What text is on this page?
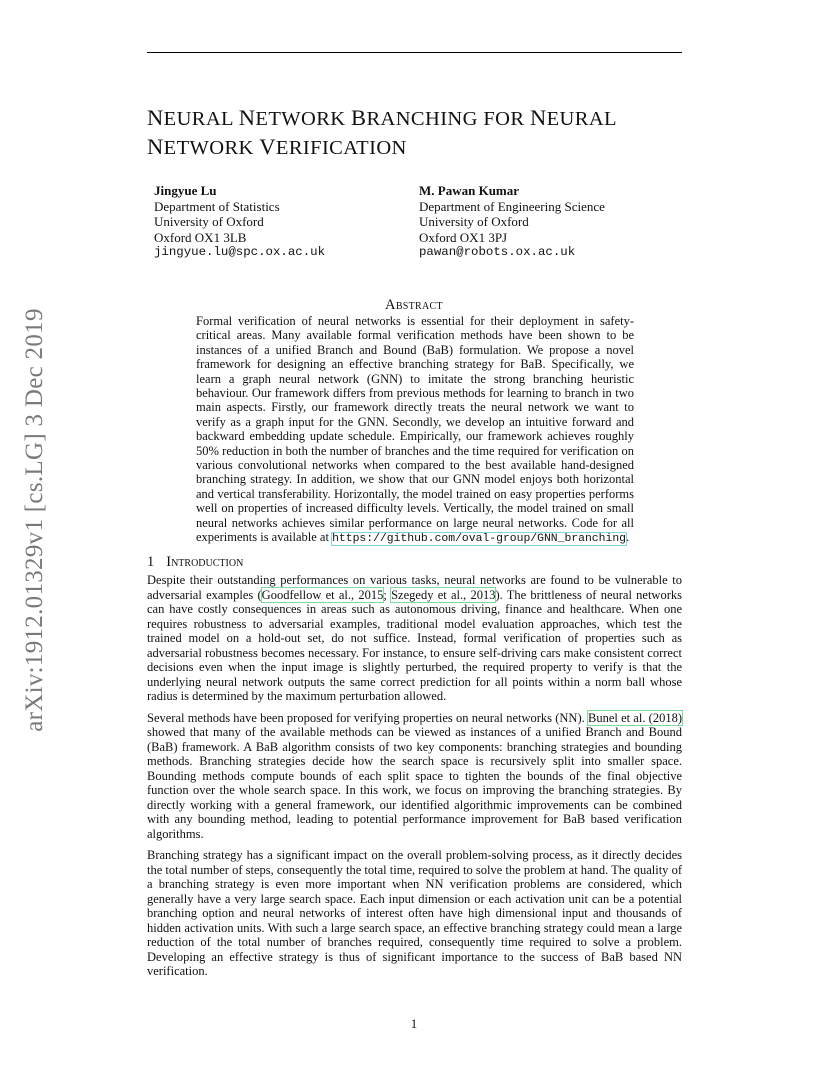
arXiv:1912.01329v1 [cs.LG] 3 Dec 2019
NEURAL NETWORK BRANCHING FOR NEURAL
NETWORK VERIFICATION
Jingyue Lu
Department of Statistics
University of Oxford
Oxford OX1 3LB
jingyue.lu@spc.ox.ac.uk
M. Pawan Kumar
Department of Engineering Science
University of Oxford
Oxford OX1 3PJ
pawan@robots.ox.ac.uk
Abstract
Formal verification of neural networks is essential for their deployment in safety-critical areas. Many available formal verification methods have been shown to be instances of a unified Branch and Bound (BaB) formulation. We propose a novel framework for designing an effective branching strategy for BaB. Specifically, we learn a graph neural network (GNN) to imitate the strong branching heuristic behaviour. Our framework differs from previous methods for learning to branch in two main aspects. Firstly, our framework directly treats the neural network we want to verify as a graph input for the GNN. Secondly, we develop an intuitive forward and backward embedding update schedule. Empirically, our framework achieves roughly 50% reduction in both the number of branches and the time required for verification on various convolutional networks when compared to the best available hand-designed branching strategy. In addition, we show that our GNN model enjoys both horizontal and vertical transferability. Horizontally, the model trained on easy properties performs well on properties of increased difficulty levels. Vertically, the model trained on small neural networks achieves similar performance on large neural networks. Code for all experiments is available at https://github.com/oval-group/GNN_branching.
1 Introduction

Despite their outstanding performances on various tasks, neural networks are found to be vulnerable to adversarial examples (Goodfellow et al., 2015; Szegedy et al., 2013). The brittleness of neural networks can have costly consequences in areas such as autonomous driving, finance and healthcare. When one requires robustness to adversarial examples, traditional model evaluation approaches, which test the trained model on a hold-out set, do not suffice. Instead, formal verification of properties such as adversarial robustness becomes necessary. For instance, to ensure self-driving cars make consistent correct decisions even when the input image is slightly perturbed, the required property to verify is that the underlying neural network outputs the same correct prediction for all points within a norm ball whose radius is determined by the maximum perturbation allowed.

Several methods have been proposed for verifying properties on neural networks (NN). Bunel et al. (2018) showed that many of the available methods can be viewed as instances of a unified Branch and Bound (BaB) framework. A BaB algorithm consists of two key components: branching strategies and bounding methods. Branching strategies decide how the search space is recursively split into smaller space. Bounding methods compute bounds of each split space to tighten the bounds of the final objective function over the whole search space. In this work, we focus on improving the branching strategies. By directly working with a general framework, our identified algorithmic improvements can be combined with any bounding method, leading to potential performance improvement for BaB based verification algorithms.

Branching strategy has a significant impact on the overall problem-solving process, as it directly decides the total number of steps, consequently the total time, required to solve the problem at hand. The quality of a branching strategy is even more important when NN verification problems are considered, which generally have a very large search space. Each input dimension or each activation unit can be a potential branching option and neural networks of interest often have high dimensional input and thousands of hidden activation units. With such a large search space, an effective branching strategy could mean a large reduction of the total number of branches required, consequently time required to solve a problem. Developing an effective strategy is thus of significant importance to the success of BaB based NN verification.

1
